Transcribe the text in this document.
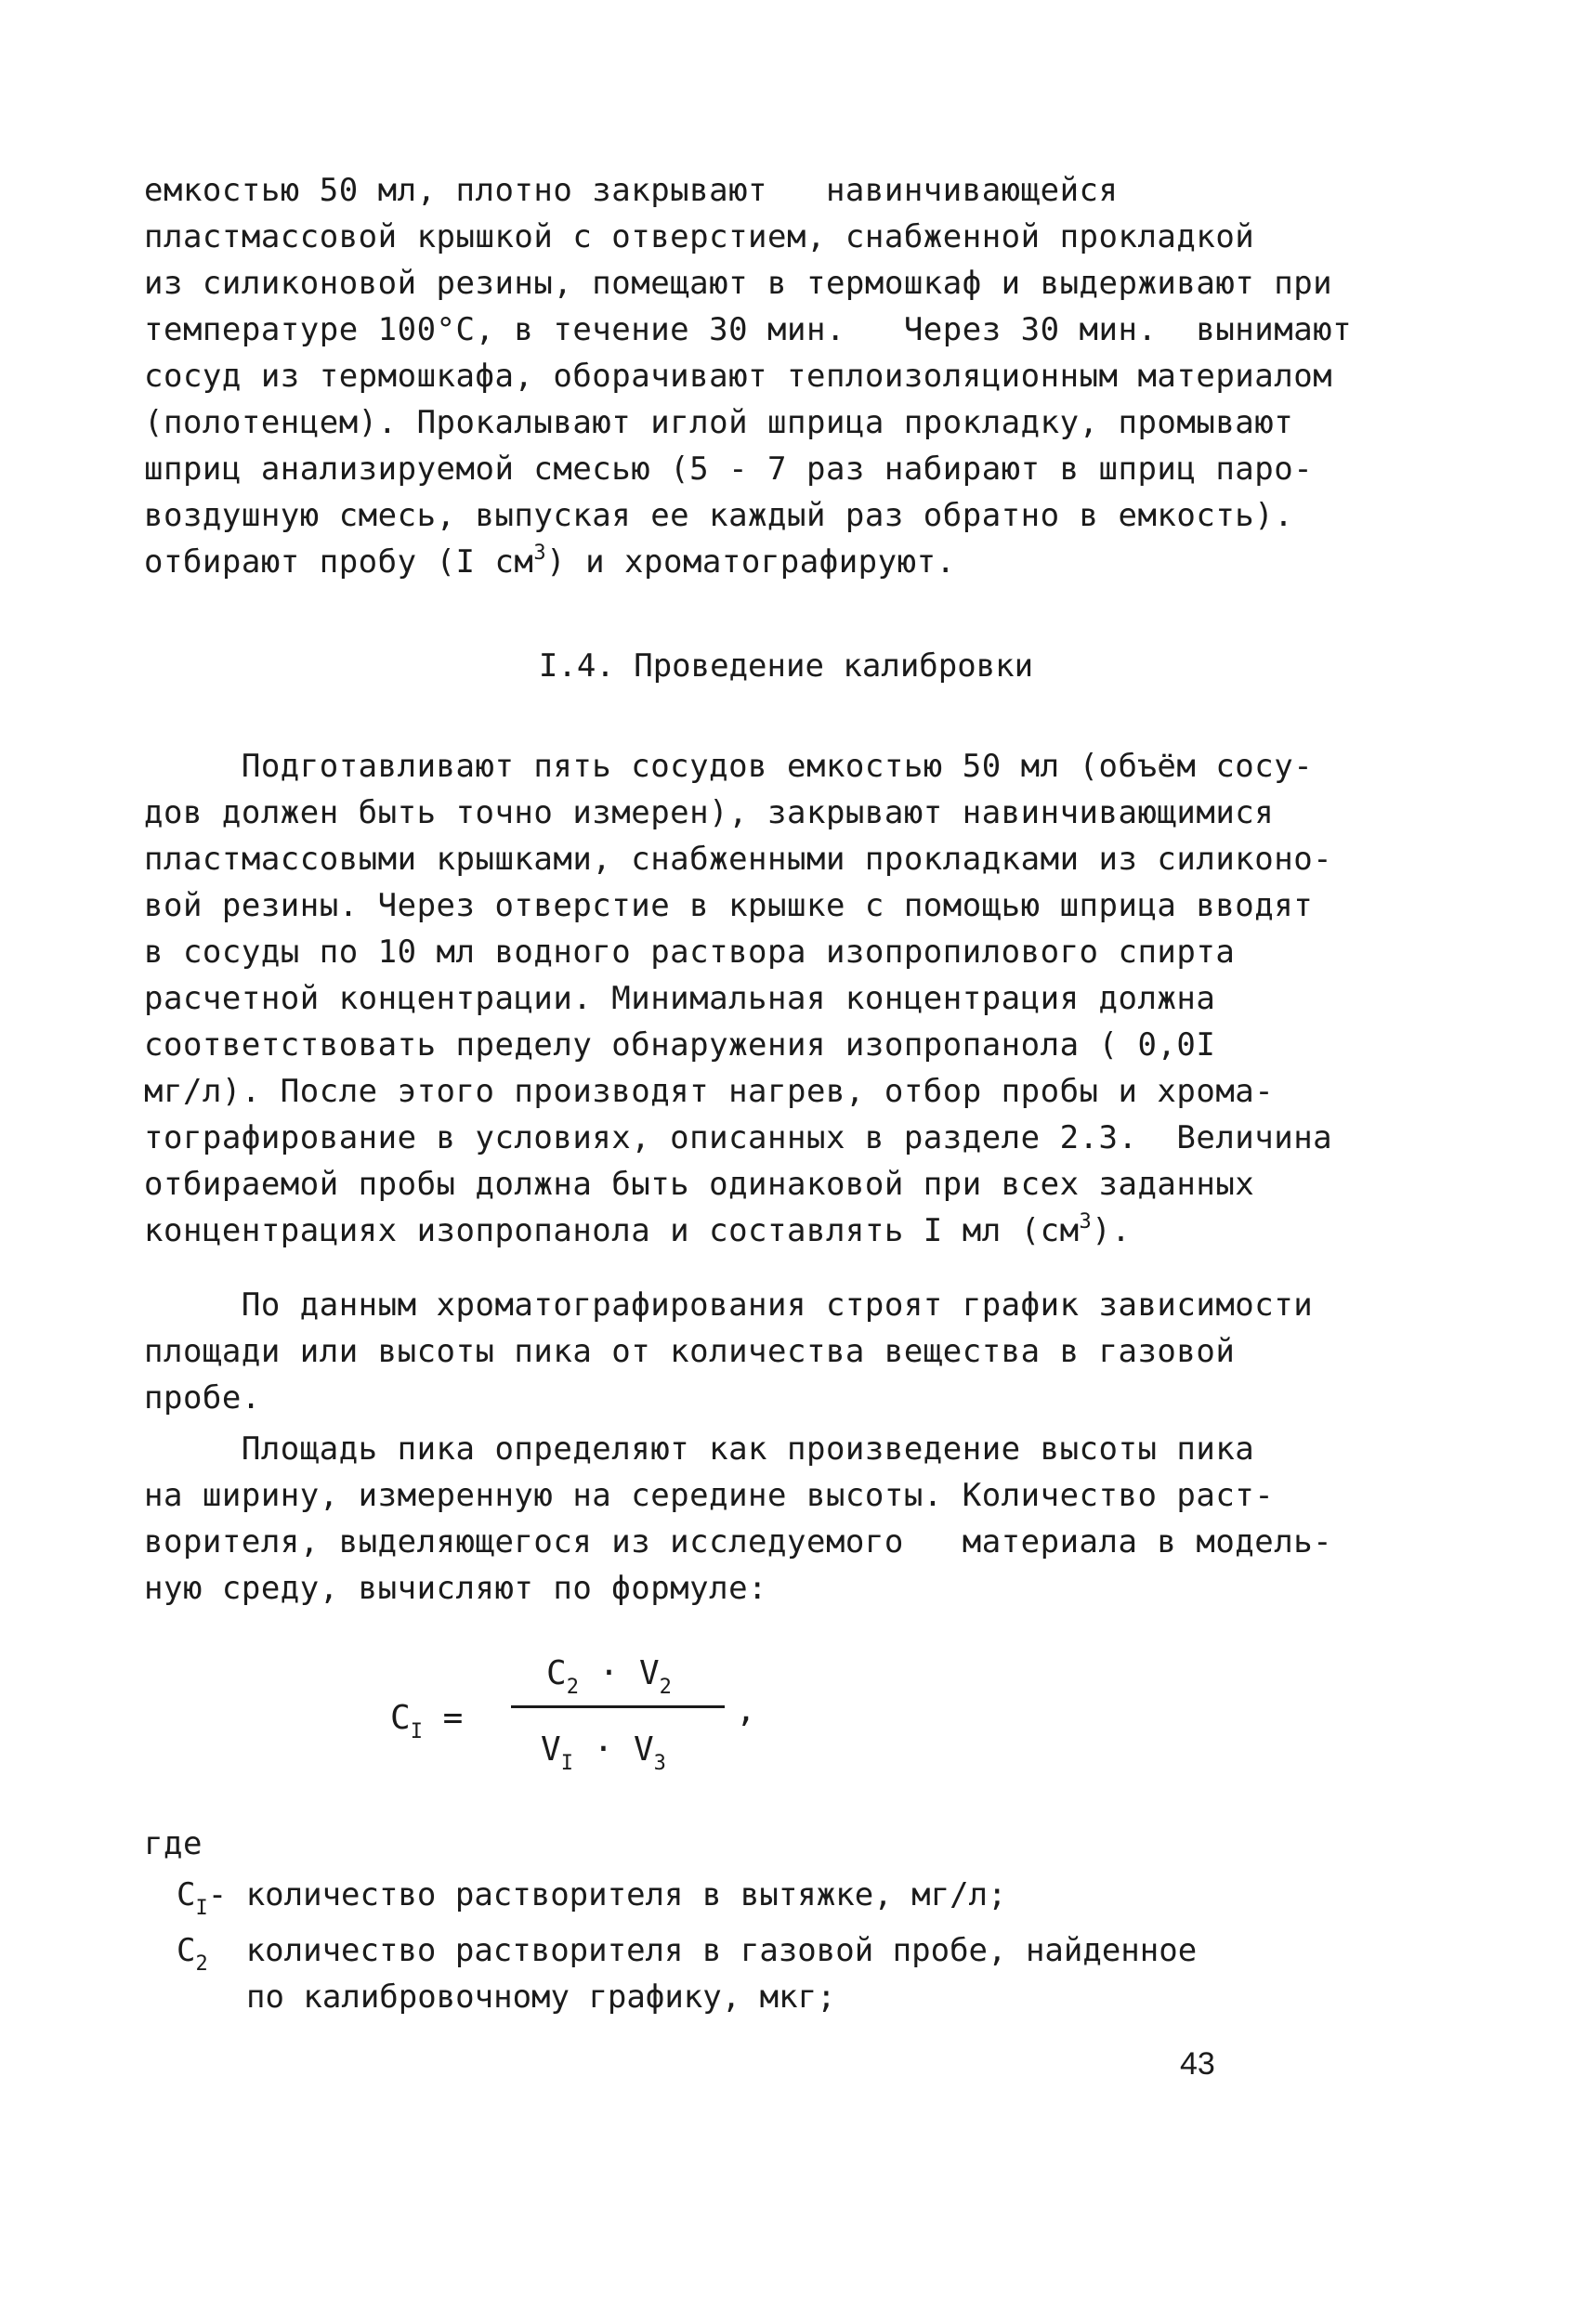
емкостью 50 мл, плотно закрывают   навинчивающейся
пластмассовой крышкой с отверстием, снабженной прокладкой
из силиконовой резины, помещают в термошкаф и выдерживают при
температуре 100°С, в течение 30 мин.   Через 30 мин.  вынимают
сосуд из термошкафа, оборачивают теплоизоляционным материалом
(полотенцем). Прокалывают иглой шприца прокладку, промывают
шприц анализируемой смесью (5 - 7 раз набирают в шприц паро-
воздушную смесь, выпуская ее каждый раз обратно в емкость).
отбирают пробу (I $см^3$) и хроматографируют.
I.4. Проведение калибровки
Подготавливают пять сосудов емкостью 50 мл (объём сосу-
дов должен быть точно измерен), закрывают навинчивающимися
пластмассовыми крышками, снабженными прокладками из силиконо-
вой резины. Через отверстие в крышке с помощью шприца вводят
в сосуды по 10 мл водного раствора изопропилового спирта
расчетной концентрации. Минимальная концентрация должна
соответствовать пределу обнаружения изопропанола ( 0,0I
мг/л). После этого производят нагрев, отбор пробы и хрома-
тографирование в условиях, описанных в разделе 2.3.  Величина
отбираемой пробы должна быть одинаковой при всех заданных
концентрациях изопропанола и составлять I мл $(см^3)$.
По данным хроматографирования строят график зависимости
площади или высоты пика от количества вещества в газовой
пробе.
Площадь пика определяют как произведение высоты пика
на ширину, измеренную на середине высоты. Количество раст-
ворителя, выделяющегося из исследуемого   материала в модель-
ную среду, вычисляют по формуле:
$C_I$ =
$C_2 \cdot V_2$
$V_I \cdot V_3$
,
где
$C_I-$ количество растворителя в вытяжке, мг/л;
$C_2$ количество растворителя в газовой пробе, найденное
по калибровочному графику, мкг;
43
